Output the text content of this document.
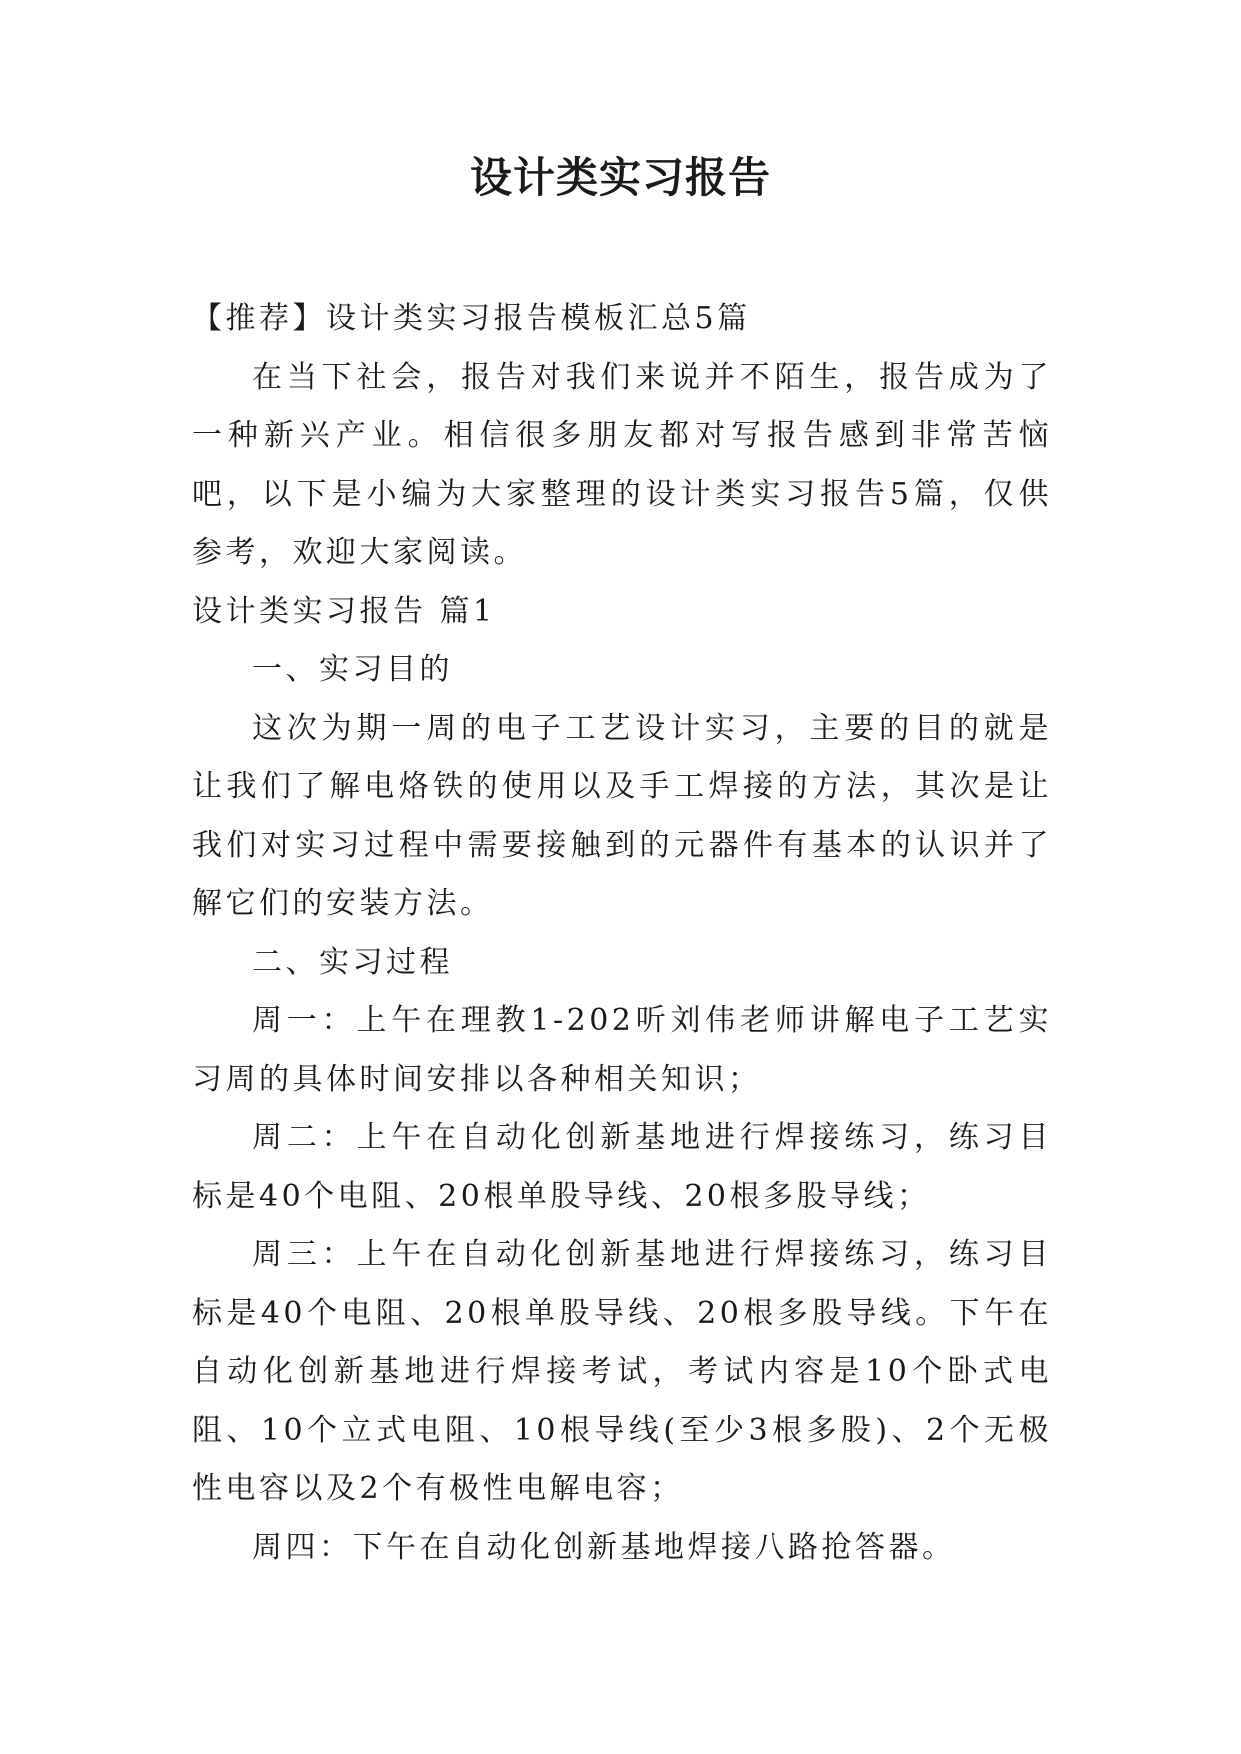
设计类实习报告

【推荐】设计类实习报告模板汇总5篇

在当下社会，报告对我们来说并不陌生，报告成为了一种新兴产业。相信很多朋友都对写报告感到非常苦恼吧，以下是小编为大家整理的设计类实习报告5篇，仅供参考，欢迎大家阅读。

设计类实习报告 篇1

一、实习目的

这次为期一周的电子工艺设计实习，主要的目的就是让我们了解电烙铁的使用以及手工焊接的方法，其次是让我们对实习过程中需要接触到的元器件有基本的认识并了解它们的安装方法。

二、实习过程

周一：上午在理教1-202听刘伟老师讲解电子工艺实习周的具体时间安排以各种相关知识；

周二：上午在自动化创新基地进行焊接练习，练习目标是40个电阻、20根单股导线、20根多股导线；

周三：上午在自动化创新基地进行焊接练习，练习目标是40个电阻、20根单股导线、20根多股导线。下午在自动化创新基地进行焊接考试，考试内容是10个卧式电阻、10个立式电阻、10根导线(至少3根多股)、2个无极性电容以及2个有极性电解电容；

周四：下午在自动化创新基地焊接八路抢答器。
